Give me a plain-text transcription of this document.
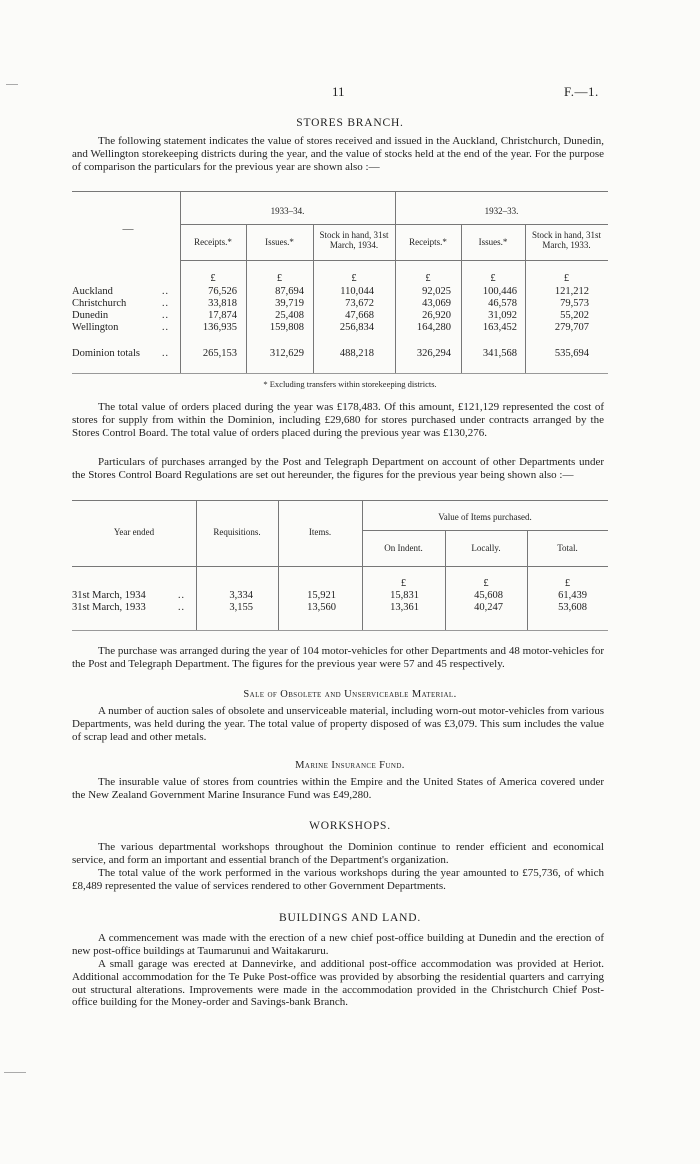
11	F.—1.
STORES BRANCH.

The following statement indicates the value of stores received and issued in the Auckland, Christchurch, Dunedin, and Wellington storekeeping districts during the year, and the value of stocks held at the end of the year. For the purpose of comparison the particulars for the previous year are shown also :—

—
1933–34.	1932–33.
Receipts.*	Issues.*
Stock in hand, 31st March, 1934.	Receipts.*	Issues.*
Stock in hand, 31st March, 1933.
£	£	£	£	£	£
Auckland	..	76,526	87,694	110,044	92,025	100,446	121,212
Christchurch	..	33,818	39,719	73,672	43,069	46,578	79,573
Dunedin	..	17,874	25,408	47,668	26,920	31,092	55,202
Wellington	..	136,935	159,808	256,834	164,280	163,452	279,707
Dominion totals ..	265,153	312,629	488,218	326,294	341,568	535,694
* Excluding transfers within storekeeping districts.

The total value of orders placed during the year was £178,483. Of this amount, £121,129 represented the cost of stores for supply from within the Dominion, including £29,680 for stores purchased under contracts arranged by the Stores Control Board. The total value of orders placed during the previous year was £130,276.

Particulars of purchases arranged by the Post and Telegraph Department on account of other Departments under the Stores Control Board Regulations are set out hereunder, the figures for the previous year being shown also :—

Year ended	Requisitions.	Items.
Value of Items purchased.
On Indent.	Locally.	Total.
£	£	£
31st March, 1934	..	3,334	15,921	15,831	45,608	61,439
31st March, 1933	..	3,155	13,560	13,361	40,247	53,608

The purchase was arranged during the year of 104 motor-vehicles for other Departments and 48 motor-vehicles for the Post and Telegraph Department. The figures for the previous year were 57 and 45 respectively.

Sale of Obsolete and Unserviceable Material.

A number of auction sales of obsolete and unserviceable material, including worn-out motor-vehicles from various Departments, was held during the year. The total value of property disposed of was £3,079. This sum includes the value of scrap lead and other metals.

Marine Insurance Fund.

The insurable value of stores from countries within the Empire and the United States of America covered under the New Zealand Government Marine Insurance Fund was £49,280.

WORKSHOPS.

The various departmental workshops throughout the Dominion continue to render efficient and economical service, and form an important and essential branch of the Department's organization.

The total value of the work performed in the various workshops during the year amounted to £75,736, of which £8,489 represented the value of services rendered to other Government Departments.

BUILDINGS AND LAND.

A commencement was made with the erection of a new chief post-office building at Dunedin and the erection of new post-office buildings at Taumarunui and Waitakaruru.

A small garage was erected at Dannevirke, and additional post-office accommodation was provided at Heriot. Additional accommodation for the Te Puke Post-office was provided by absorbing the residential quarters and carrying out structural alterations. Improvements were made in the accommodation provided in the Christchurch Chief Post-office building for the Money-order and Savings-bank Branch.
